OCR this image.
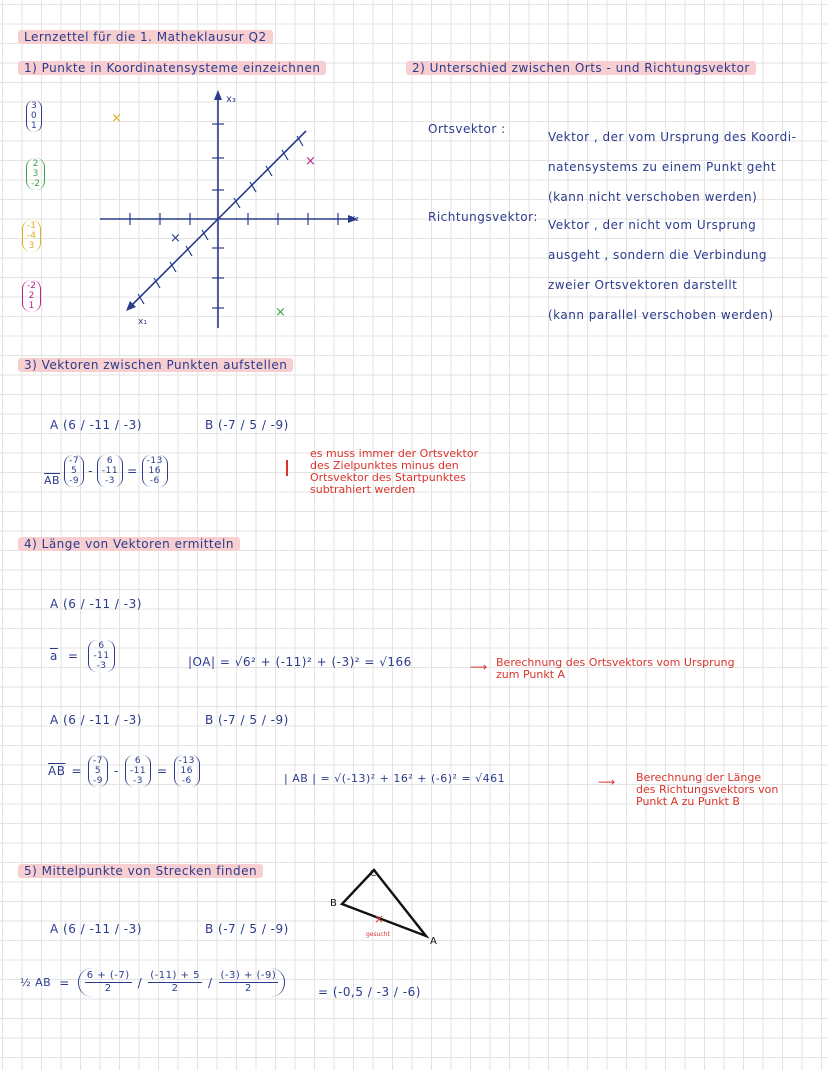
Lernzettel für die 1. Matheklausur Q2
1) Punkte in Koordinatensysteme einzeichnen
3
0
1
2
3
-2
-1
-4
3
-2
2
1
x₃
x₂
x₁
×
×
×
×
2) Unterschied zwischen Orts - und Richtungsvektor
Ortsvektor :
Vektor , der vom Ursprung des Koordi-
natensystems zu einem Punkt geht
(kann nicht verschoben werden)
Richtungsvektor:
Vektor , der nicht vom Ursprung
ausgeht , sondern die Verbindung
zweier Ortsvektoren darstellt
(kann parallel verschoben werden)
3) Vektoren zwischen Punkten aufstellen
A (6 / -11 / -3)	B (-7 / 5 / -9)
$\overline{AB}$
-7
5
-9
-
6
-11
-3
=
-13
16
-6
es muss immer der Ortsvektor
des Zielpunktes minus den
Ortsvektor des Startpunktes
subtrahiert werden
4) Länge von Vektoren ermitteln
A (6 / -11 / -3)
$\overline{a}$ =
6
-11
-3	|OA| = √6² + (-11)² + (-3)² = √166	⟶ Berechnung des Ortsvektors vom Ursprung
zum Punkt A
A (6 / -11 / -3)	B (-7 / 5 / -9)
$\overline{AB}$ =
-7
5
-9
-
6
-11
-3
=
-13
16
-6	| AB | = √(-13)² + 16² + (-6)² = √461	⟶ Berechnung der Länge
des Richtungsvektors von
Punkt A zu Punkt B
5) Mittelpunkte von Strecken finden
A (6 / -11 / -3)	B (-7 / 5 / -9)
B
C
A
×
gesucht
½ AB = $\frac{6 + (-7)}{2} / \frac{(-11) + 5}{2} / \frac{(-3) + (-9)}{2}$	= (-0,5 / -3 / -6)
